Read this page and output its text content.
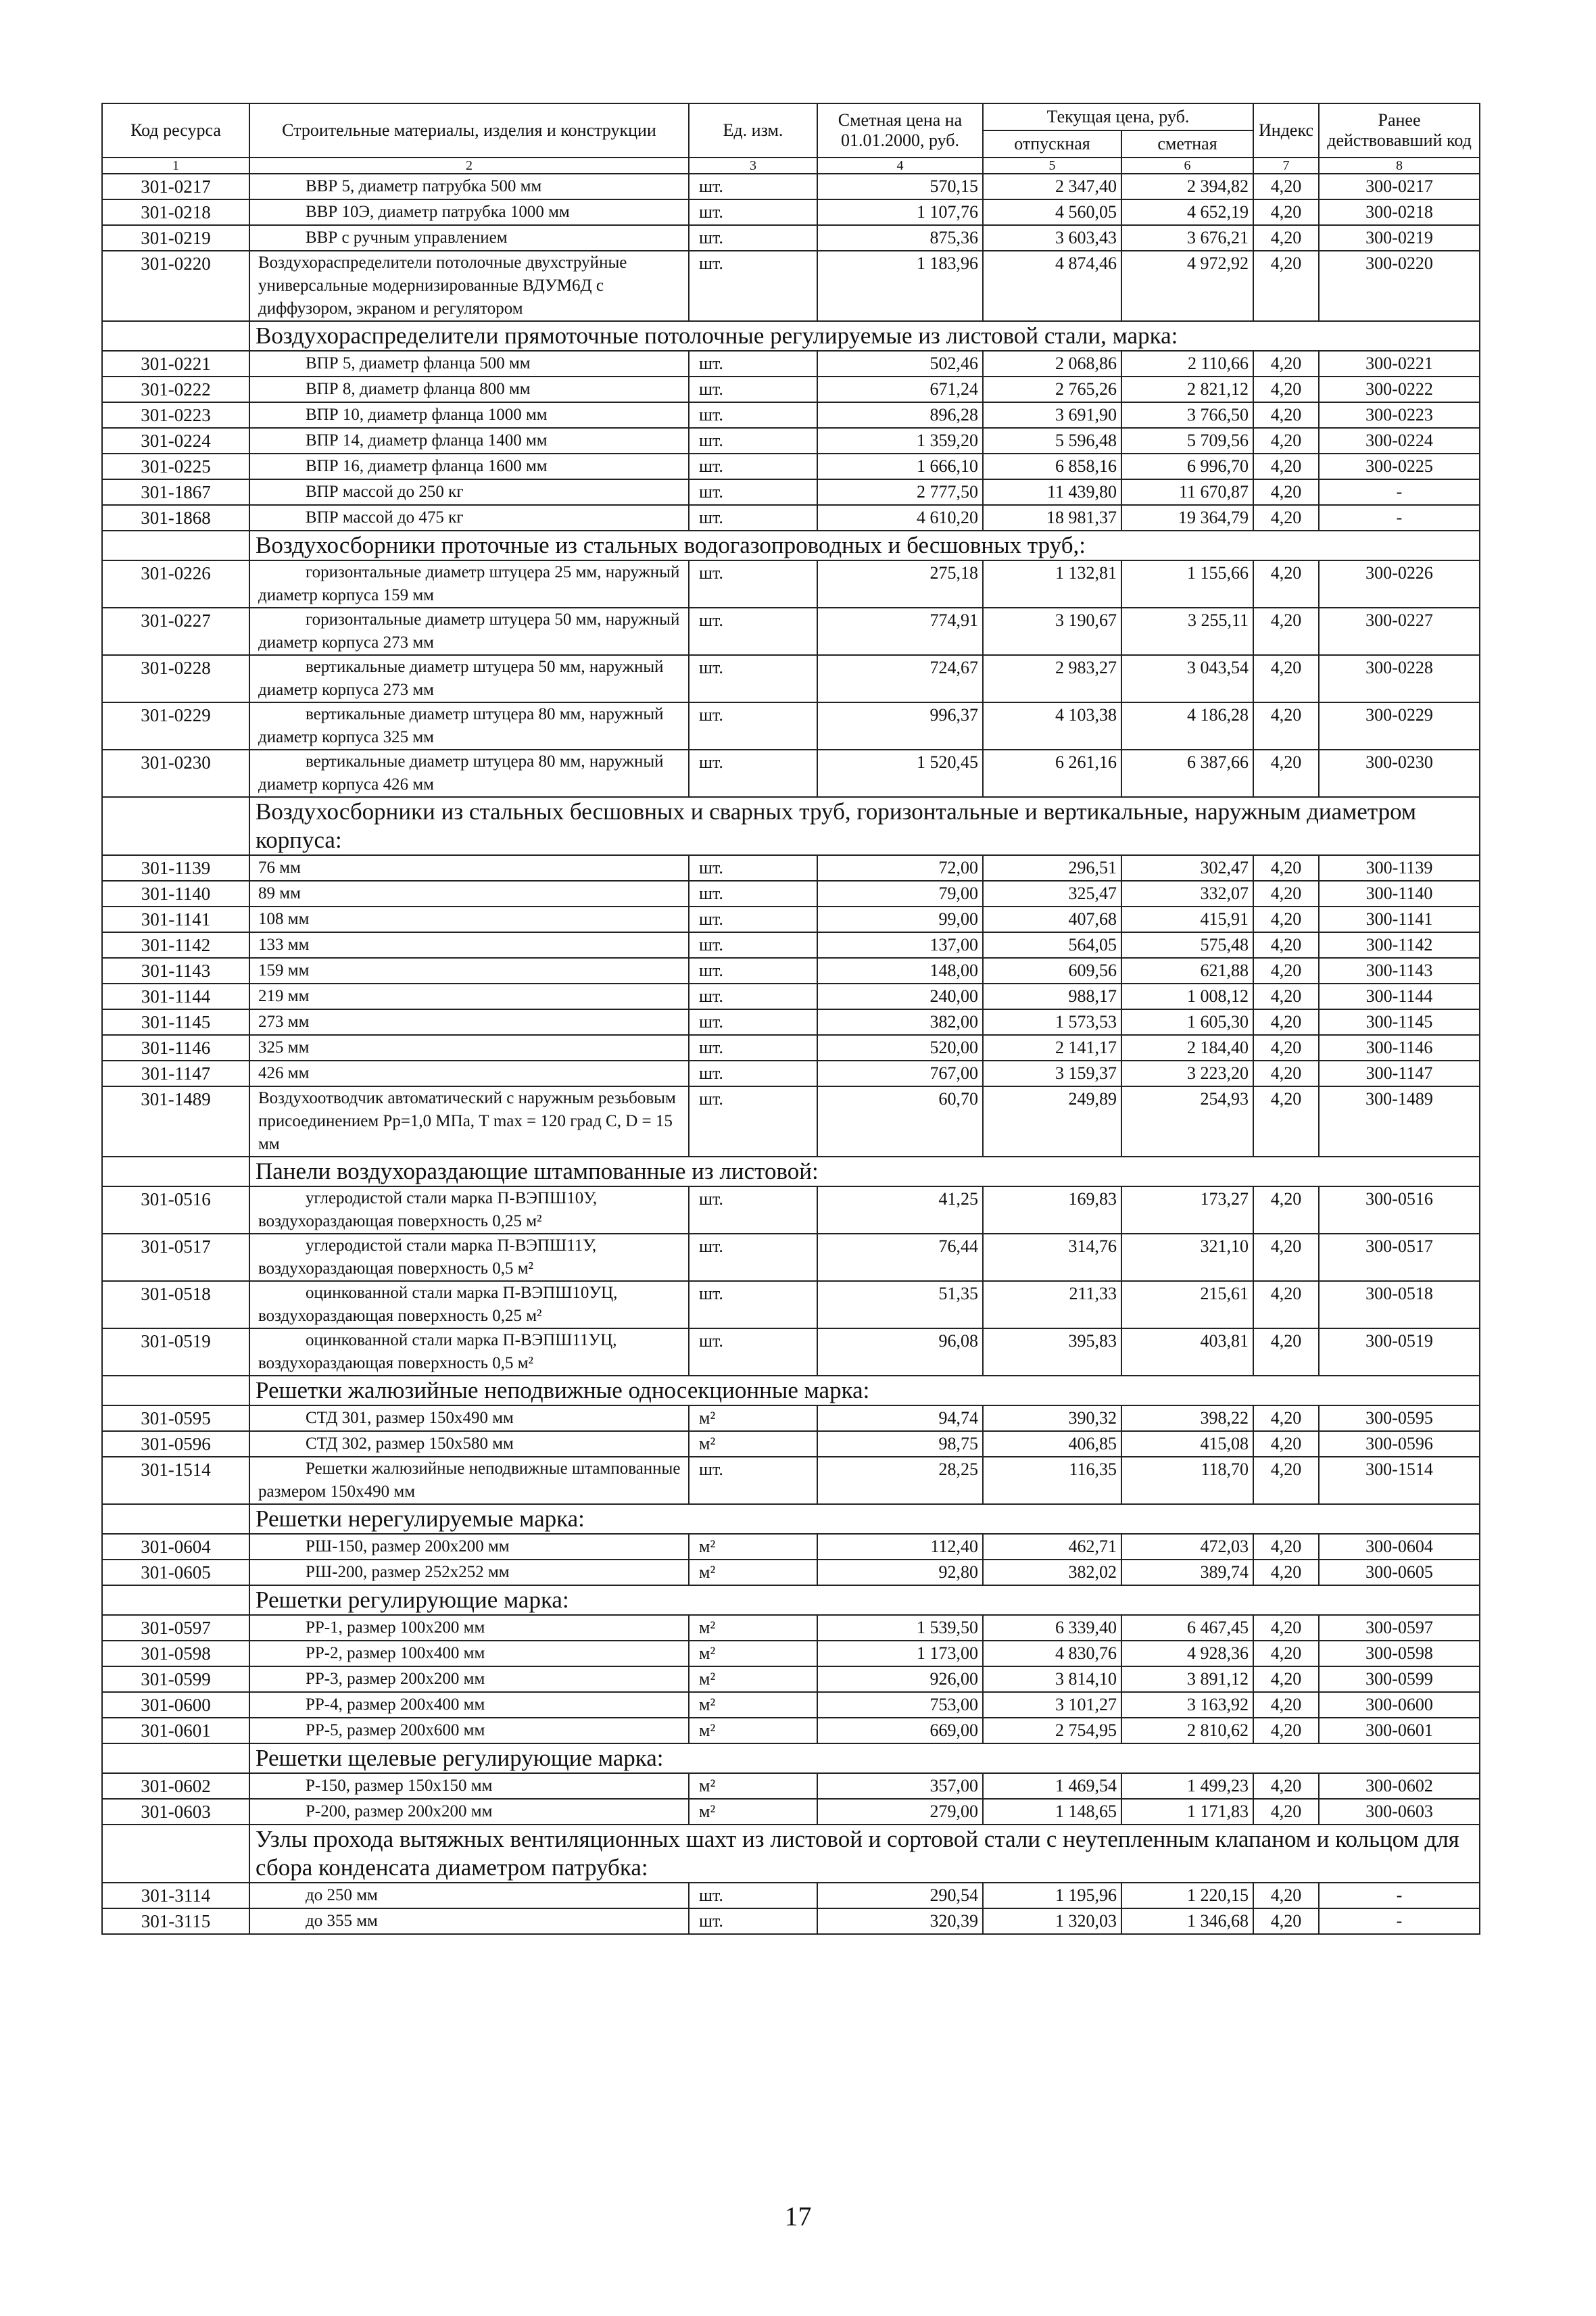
Код ресурса	Строительные материалы, изделия и конструкции	Ед. изм.	Сметная цена на 01.01.2000, руб.	Текущая цена, руб.		Индекс	Ранее действовавший код
				отпускная	сметная		
1	2	3	4	5	6	7	8
301-0217	ВВР 5, диаметр патрубка 500 мм	шт.	570,15	2 347,40	2 394,82	4,20	300-0217
301-0218	ВВР 10Э, диаметр патрубка 1000 мм	шт.	1 107,76	4 560,05	4 652,19	4,20	300-0218
301-0219	ВВР с ручным управлением	шт.	875,36	3 603,43	3 676,21	4,20	300-0219
301-0220	Воздухораспределители потолочные двухструйные универсальные модернизированные ВДУМ6Д с диффузором, экраном и регулятором	шт.	1 183,96	4 874,46	4 972,92	4,20	300-0220
	Воздухораспределители прямоточные потолочные регулируемые из листовой стали, марка:						
301-0221	ВПР 5, диаметр фланца 500 мм	шт.	502,46	2 068,86	2 110,66	4,20	300-0221
301-0222	ВПР 8, диаметр фланца 800 мм	шт.	671,24	2 765,26	2 821,12	4,20	300-0222
301-0223	ВПР 10, диаметр фланца 1000 мм	шт.	896,28	3 691,90	3 766,50	4,20	300-0223
301-0224	ВПР 14, диаметр фланца 1400 мм	шт.	1 359,20	5 596,48	5 709,56	4,20	300-0224
301-0225	ВПР 16, диаметр фланца 1600 мм	шт.	1 666,10	6 858,16	6 996,70	4,20	300-0225
301-1867	ВПР массой до 250 кг	шт.	2 777,50	11 439,80	11 670,87	4,20	-
301-1868	ВПР массой до 475 кг	шт.	4 610,20	18 981,37	19 364,79	4,20	-
	Воздухосборники проточные из стальных водогазопроводных и бесшовных труб,:						
301-0226	горизонтальные диаметр штуцера 25 мм, наружный диаметр корпуса 159 мм	шт.	275,18	1 132,81	1 155,66	4,20	300-0226
301-0227	горизонтальные диаметр штуцера 50 мм, наружный диаметр корпуса 273 мм	шт.	774,91	3 190,67	3 255,11	4,20	300-0227
301-0228	вертикальные диаметр штуцера 50 мм, наружный диаметр корпуса 273 мм	шт.	724,67	2 983,27	3 043,54	4,20	300-0228
301-0229	вертикальные диаметр штуцера 80 мм, наружный диаметр корпуса 325 мм	шт.	996,37	4 103,38	4 186,28	4,20	300-0229
301-0230	вертикальные диаметр штуцера 80 мм, наружный диаметр корпуса 426 мм	шт.	1 520,45	6 261,16	6 387,66	4,20	300-0230
	Воздухосборники из стальных бесшовных и сварных труб, горизонтальные и вертикальные, наружным диаметром корпуса:						
301-1139	76 мм	шт.	72,00	296,51	302,47	4,20	300-1139
301-1140	89 мм	шт.	79,00	325,47	332,07	4,20	300-1140
301-1141	108 мм	шт.	99,00	407,68	415,91	4,20	300-1141
301-1142	133 мм	шт.	137,00	564,05	575,48	4,20	300-1142
301-1143	159 мм	шт.	148,00	609,56	621,88	4,20	300-1143
301-1144	219 мм	шт.	240,00	988,17	1 008,12	4,20	300-1144
301-1145	273 мм	шт.	382,00	1 573,53	1 605,30	4,20	300-1145
301-1146	325 мм	шт.	520,00	2 141,17	2 184,40	4,20	300-1146
301-1147	426 мм	шт.	767,00	3 159,37	3 223,20	4,20	300-1147
301-1489	Воздухоотводчик автоматический с наружным резьбовым присоединением Рр=1,0 МПа, Т max = 120 град С, D = 15 мм	шт.	60,70	249,89	254,93	4,20	300-1489
	Панели воздухораздающие штампованные из листовой:						
301-0516	углеродистой стали марка П-ВЭПШ10У, воздухораздающая поверхность 0,25 м²	шт.	41,25	169,83	173,27	4,20	300-0516
301-0517	углеродистой стали марка П-ВЭПШ11У, воздухораздающая поверхность 0,5 м²	шт.	76,44	314,76	321,10	4,20	300-0517
301-0518	оцинкованной стали марка П-ВЭПШ10УЦ, воздухораздающая поверхность 0,25 м²	шт.	51,35	211,33	215,61	4,20	300-0518
301-0519	оцинкованной стали марка П-ВЭПШ11УЦ, воздухораздающая поверхность 0,5 м²	шт.	96,08	395,83	403,81	4,20	300-0519
	Решетки жалюзийные неподвижные односекционные марка:						
301-0595	СТД 301, размер 150х490 мм	м²	94,74	390,32	398,22	4,20	300-0595
301-0596	СТД 302, размер 150х580 мм	м²	98,75	406,85	415,08	4,20	300-0596
301-1514	Решетки жалюзийные неподвижные штампованные размером 150х490 мм	шт.	28,25	116,35	118,70	4,20	300-1514
	Решетки нерегулируемые марка:						
301-0604	РШ-150, размер 200х200 мм	м²	112,40	462,71	472,03	4,20	300-0604
301-0605	РШ-200, размер 252х252 мм	м²	92,80	382,02	389,74	4,20	300-0605
	Решетки регулирующие марка:						
301-0597	РР-1, размер 100х200 мм	м²	1 539,50	6 339,40	6 467,45	4,20	300-0597
301-0598	РР-2, размер 100х400 мм	м²	1 173,00	4 830,76	4 928,36	4,20	300-0598
301-0599	РР-3, размер 200х200 мм	м²	926,00	3 814,10	3 891,12	4,20	300-0599
301-0600	РР-4, размер 200х400 мм	м²	753,00	3 101,27	3 163,92	4,20	300-0600
301-0601	РР-5, размер 200х600 мм	м²	669,00	2 754,95	2 810,62	4,20	300-0601
	Решетки щелевые регулирующие марка:						
301-0602	Р-150, размер 150х150 мм	м²	357,00	1 469,54	1 499,23	4,20	300-0602
301-0603	Р-200, размер 200х200 мм	м²	279,00	1 148,65	1 171,83	4,20	300-0603
	Узлы прохода вытяжных вентиляционных шахт из листовой и сортовой стали с неутепленным клапаном и кольцом для сбора конденсата диаметром патрубка:						
301-3114	до 250 мм	шт.	290,54	1 195,96	1 220,15	4,20	-
301-3115	до 355 мм	шт.	320,39	1 320,03	1 346,68	4,20	-
17
